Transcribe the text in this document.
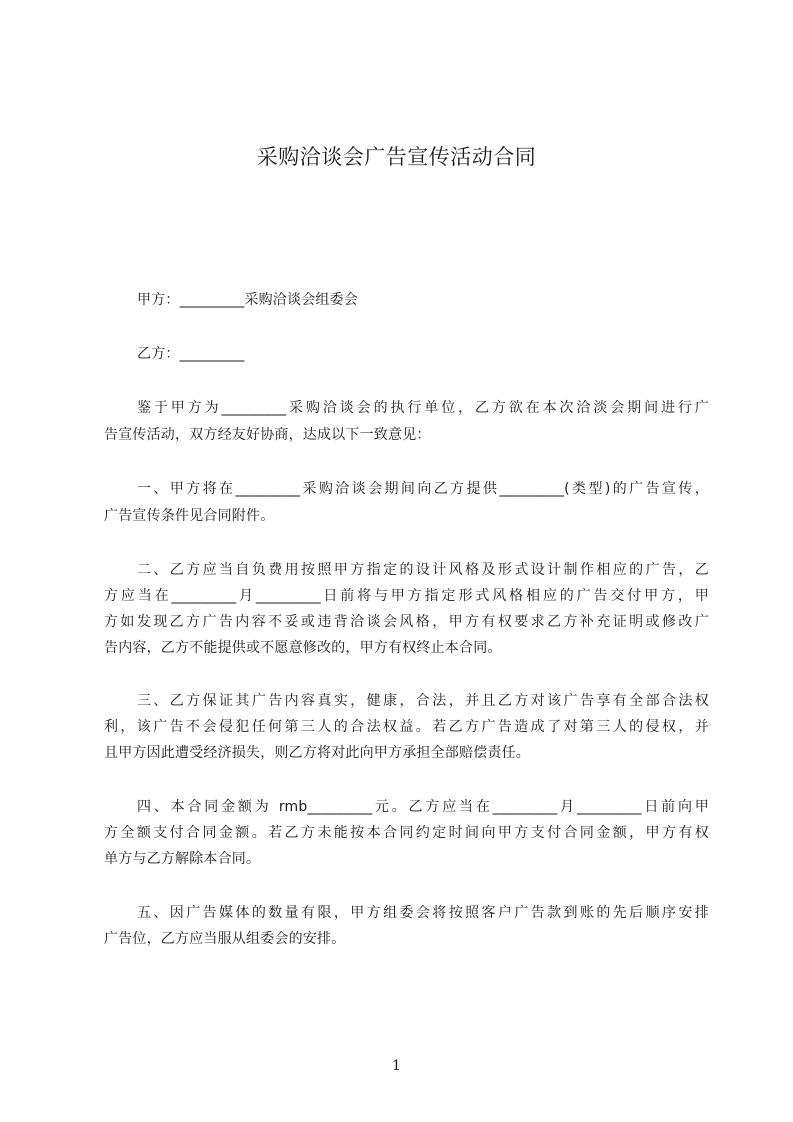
采购洽谈会广告宣传活动合同
甲方：_________采购洽谈会组委会
乙方：_________
鉴于甲方为_________采购洽谈会的执行单位，乙方欲在本次洽淡会期间进行广
告宣传活动，双方经友好协商，达成以下一致意见：
一、甲方将在_________采购洽谈会期间向乙方提供_________(类型)的广告宣传，
广告宣传条件见合同附件。
二、乙方应当自负费用按照甲方指定的设计风格及形式设计制作相应的广告，乙
方应当在_________月_________日前将与甲方指定形式风格相应的广告交付甲方，甲
方如发现乙方广告内容不妥或违背洽谈会风格，甲方有权要求乙方补充证明或修改广
告内容，乙方不能提供或不愿意修改的，甲方有权终止本合同。
三、乙方保证其广告内容真实，健康，合法，并且乙方对该广告享有全部合法权
利，该广告不会侵犯任何第三人的合法权益。若乙方广告造成了对第三人的侵权，并
且甲方因此遭受经济损失，则乙方将对此向甲方承担全部赔偿责任。
四、本合同金额为 rmb_________元。乙方应当在_________月_________日前向甲
方全额支付合同金额。若乙方未能按本合同约定时间向甲方支付合同金额，甲方有权
单方与乙方解除本合同。
五、因广告媒体的数量有限，甲方组委会将按照客户广告款到账的先后顺序安排
广告位，乙方应当服从组委会的安排。
1
